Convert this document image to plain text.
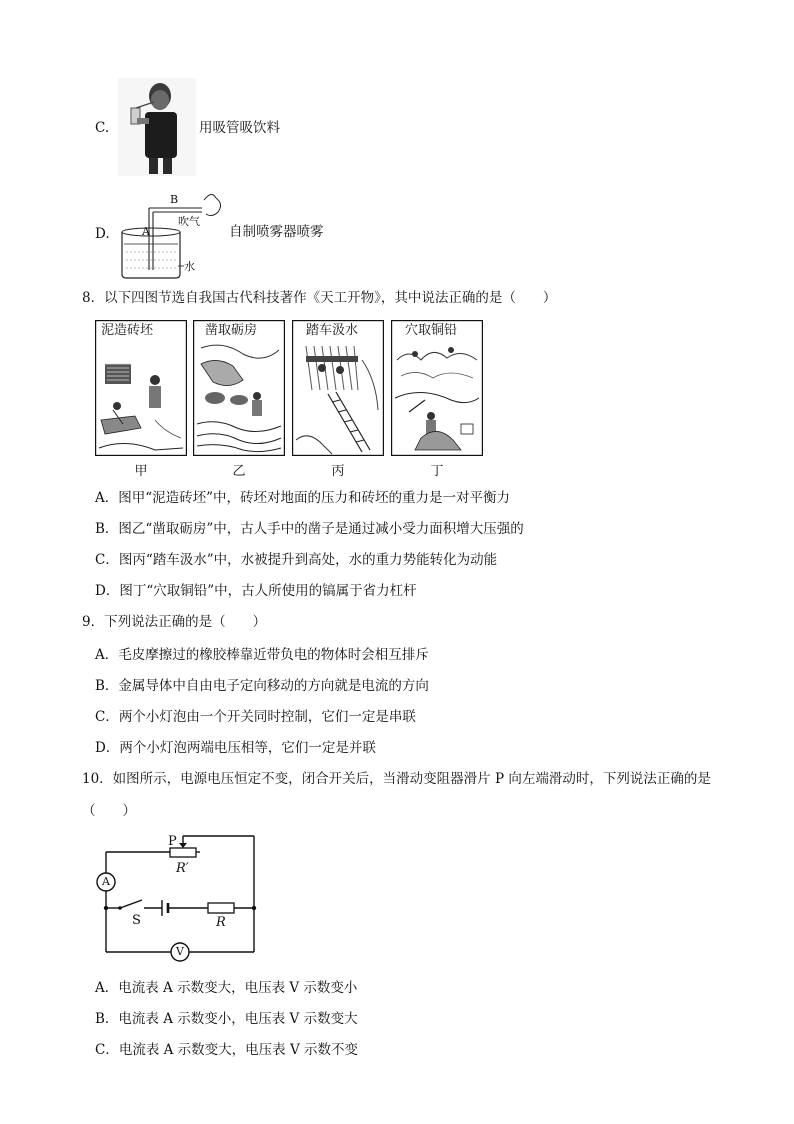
C.	用吸管吸饮料
D.
B
A
吹气
水
自制喷雾器喷雾
8．以下四图节选自我国古代科技著作《天工开物》，其中说法正确的是（　　）
泥造砖坯	凿取砺房	踏车汲水	穴取铜铅
甲	乙	丙	丁
A．图甲“泥造砖坯”中，砖坯对地面的压力和砖坯的重力是一对平衡力
B．图乙“凿取砺房”中，古人手中的凿子是通过减小受力面积增大压强的
C．图丙“踏车汲水”中，水被提升到高处，水的重力势能转化为动能
D．图丁“穴取铜铅”中，古人所使用的镐属于省力杠杆
9．下列说法正确的是（　　）
A．毛皮摩擦过的橡胶棒靠近带负电的物体时会相互排斥
B．金属导体中自由电子定向移动的方向就是电流的方向
C．两个小灯泡由一个开关同时控制，它们一定是串联
D．两个小灯泡两端电压相等，它们一定是并联
10．如图所示，电源电压恒定不变，闭合开关后，当滑动变阻器滑片 P 向左端滑动时，下列说法正确的是
（　　）
P
R′
A
S	R
V
A．电流表 A 示数变大，电压表 V 示数变小
B．电流表 A 示数变小，电压表 V 示数变大
C．电流表 A 示数变大，电压表 V 示数不变
